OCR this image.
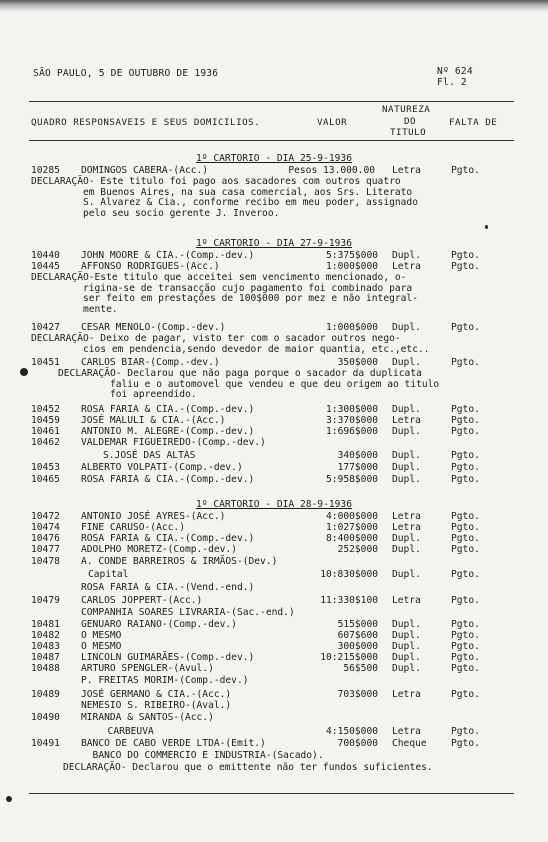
SÃO PAULO, 5 DE OUTUBRO DE 1936	Nº 624
Fl. 2
QUADRO RESPONSAVEIS E SEUS DOMICILIOS.	VALOR
NATUREZA
DO
TITULO
FALTA DE
1º CARTORIO - DIA 25-9-1936
10285 DOMINGOS CABERA-(Acc.)	Pesos 13.000.00 Letra	Pgto.
DECLARAÇÃO- Este titulo foi pago aos sacadores com outros quatro
em Buenos Aires, na sua casa comercial, aos Srs. Literato
S. Alvarez & Cia., conforme recibo em meu poder, assignado
pelo seu socio gerente J. Inveroo.
1º CARTORIO - DIA 27-9-1936
10440 JOHN MOORE & CIA.-(Comp.-dev.)	5:375$000 Dupl.	Pgto.
10445 AFFONSO RODRIGUES-(Acc.)	1:000$000 Letra	Pgto.
DECLARAÇÃO-Este titulo que acceitei sem vencimento mencionado, o-
rigina-se de transacção cujo pagamento foi combinado para
ser feito em prestações de 100$000 por mez e não integral-
mente.
10427 CESAR MENOLO-(Comp.-dev.)	1:000$000 Dupl.	Pgto.
DECLARAÇÃO- Deixo de pagar, visto ter com o sacador outros nego-
cios em pendencia,sendo devedor de maior quantia, etc.,etc..
10451 CARLOS BIAR-(Comp.-dev.)	350$000 Dupl.	Pgto.
DECLARAÇÃO- Declarou que não paga porque o sacador da duplicata
faliu e o automovel que vendeu e que deu origem ao titulo
foi apreendido.
10452 ROSA FARIA & CIA.-(Comp.-dev.)	1:300$000 Dupl.	Pgto.
10459 JOSÉ MALULI & CIA.-(Acc.)	3:370$000 Letra	Pgto.
10461 ANTONIO M. ALEGRE-(Comp.-dev.)	1:696$000 Dupl.	Pgto.
10462 VALDEMAR FIGUEIREDO-(Comp.-dev.)
S.JOSÉ DAS ALTAS	340$000 Dupl.	Pgto.
10453 ALBERTO VOLPATI-(Comp.-dev.)	177$000 Dupl.	Pgto.
10465 ROSA FARIA & CIA.-(Comp.-dev.)	5:958$000 Dupl.	Pgto.
1º CARTORIO - DIA 28-9-1936
10472 ANTONIO JOSÉ AYRES-(Acc.)	4:000$000 Letra	Pgto.
10474 FINE CARUSO-(Acc.)	1:027$000 Letra	Pgto.
10476 ROSA FARIA & CIA.-(Comp.-dev.)	8:400$000 Dupl.	Pgto.
10477 ADOLPHO MORETZ-(Comp.-dev.)	252$000 Dupl.	Pgto.
10478 A. CONDE BARREIROS & IRMÃOS-(Dev.)
Capital	10:830$000 Dupl.	Pgto.
ROSA FARIA & CIA.-(Vend.-end.)
10479 CARLOS JOPPERT-(Acc.)	11:330$100 Letra	Pgto.
COMPANHIA SOARES LIVRARIA-(Sac.-end.)
10481 GENUARO RAIANO-(Comp.-dev.)	515$000 Dupl.	Pgto.
10482 O MESMO	607$600 Dupl.	Pgto.
10483 O MESMO	300$000 Dupl.	Pgto.
10487 LINCOLN GUIMARÃES-(Comp.-dev.)	10:215$000 Dupl.	Pgto.
10488 ARTURO SPENGLER-(Avul.)	56$500 Dupl.	Pgto.
P. FREITAS MORIM-(Comp.-dev.)
10489 JOSÉ GERMANO & CIA.-(Acc.)	703$000 Letra	Pgto.
NEMESIO S. RIBEIRO-(Aval.)
10490 MIRANDA & SANTOS-(Acc.)
CARBEUVA	4:150$000 Letra	Pgto.
10491 BANCO DE CABO VERDE LTDA-(Emit.)	700$000 Cheque	Pgto.
BANCO DO COMMERCIO E INDUSTRIA-(Sacado).
DECLARAÇÃO- Declarou que o emittente não ter fundos suficientes.
